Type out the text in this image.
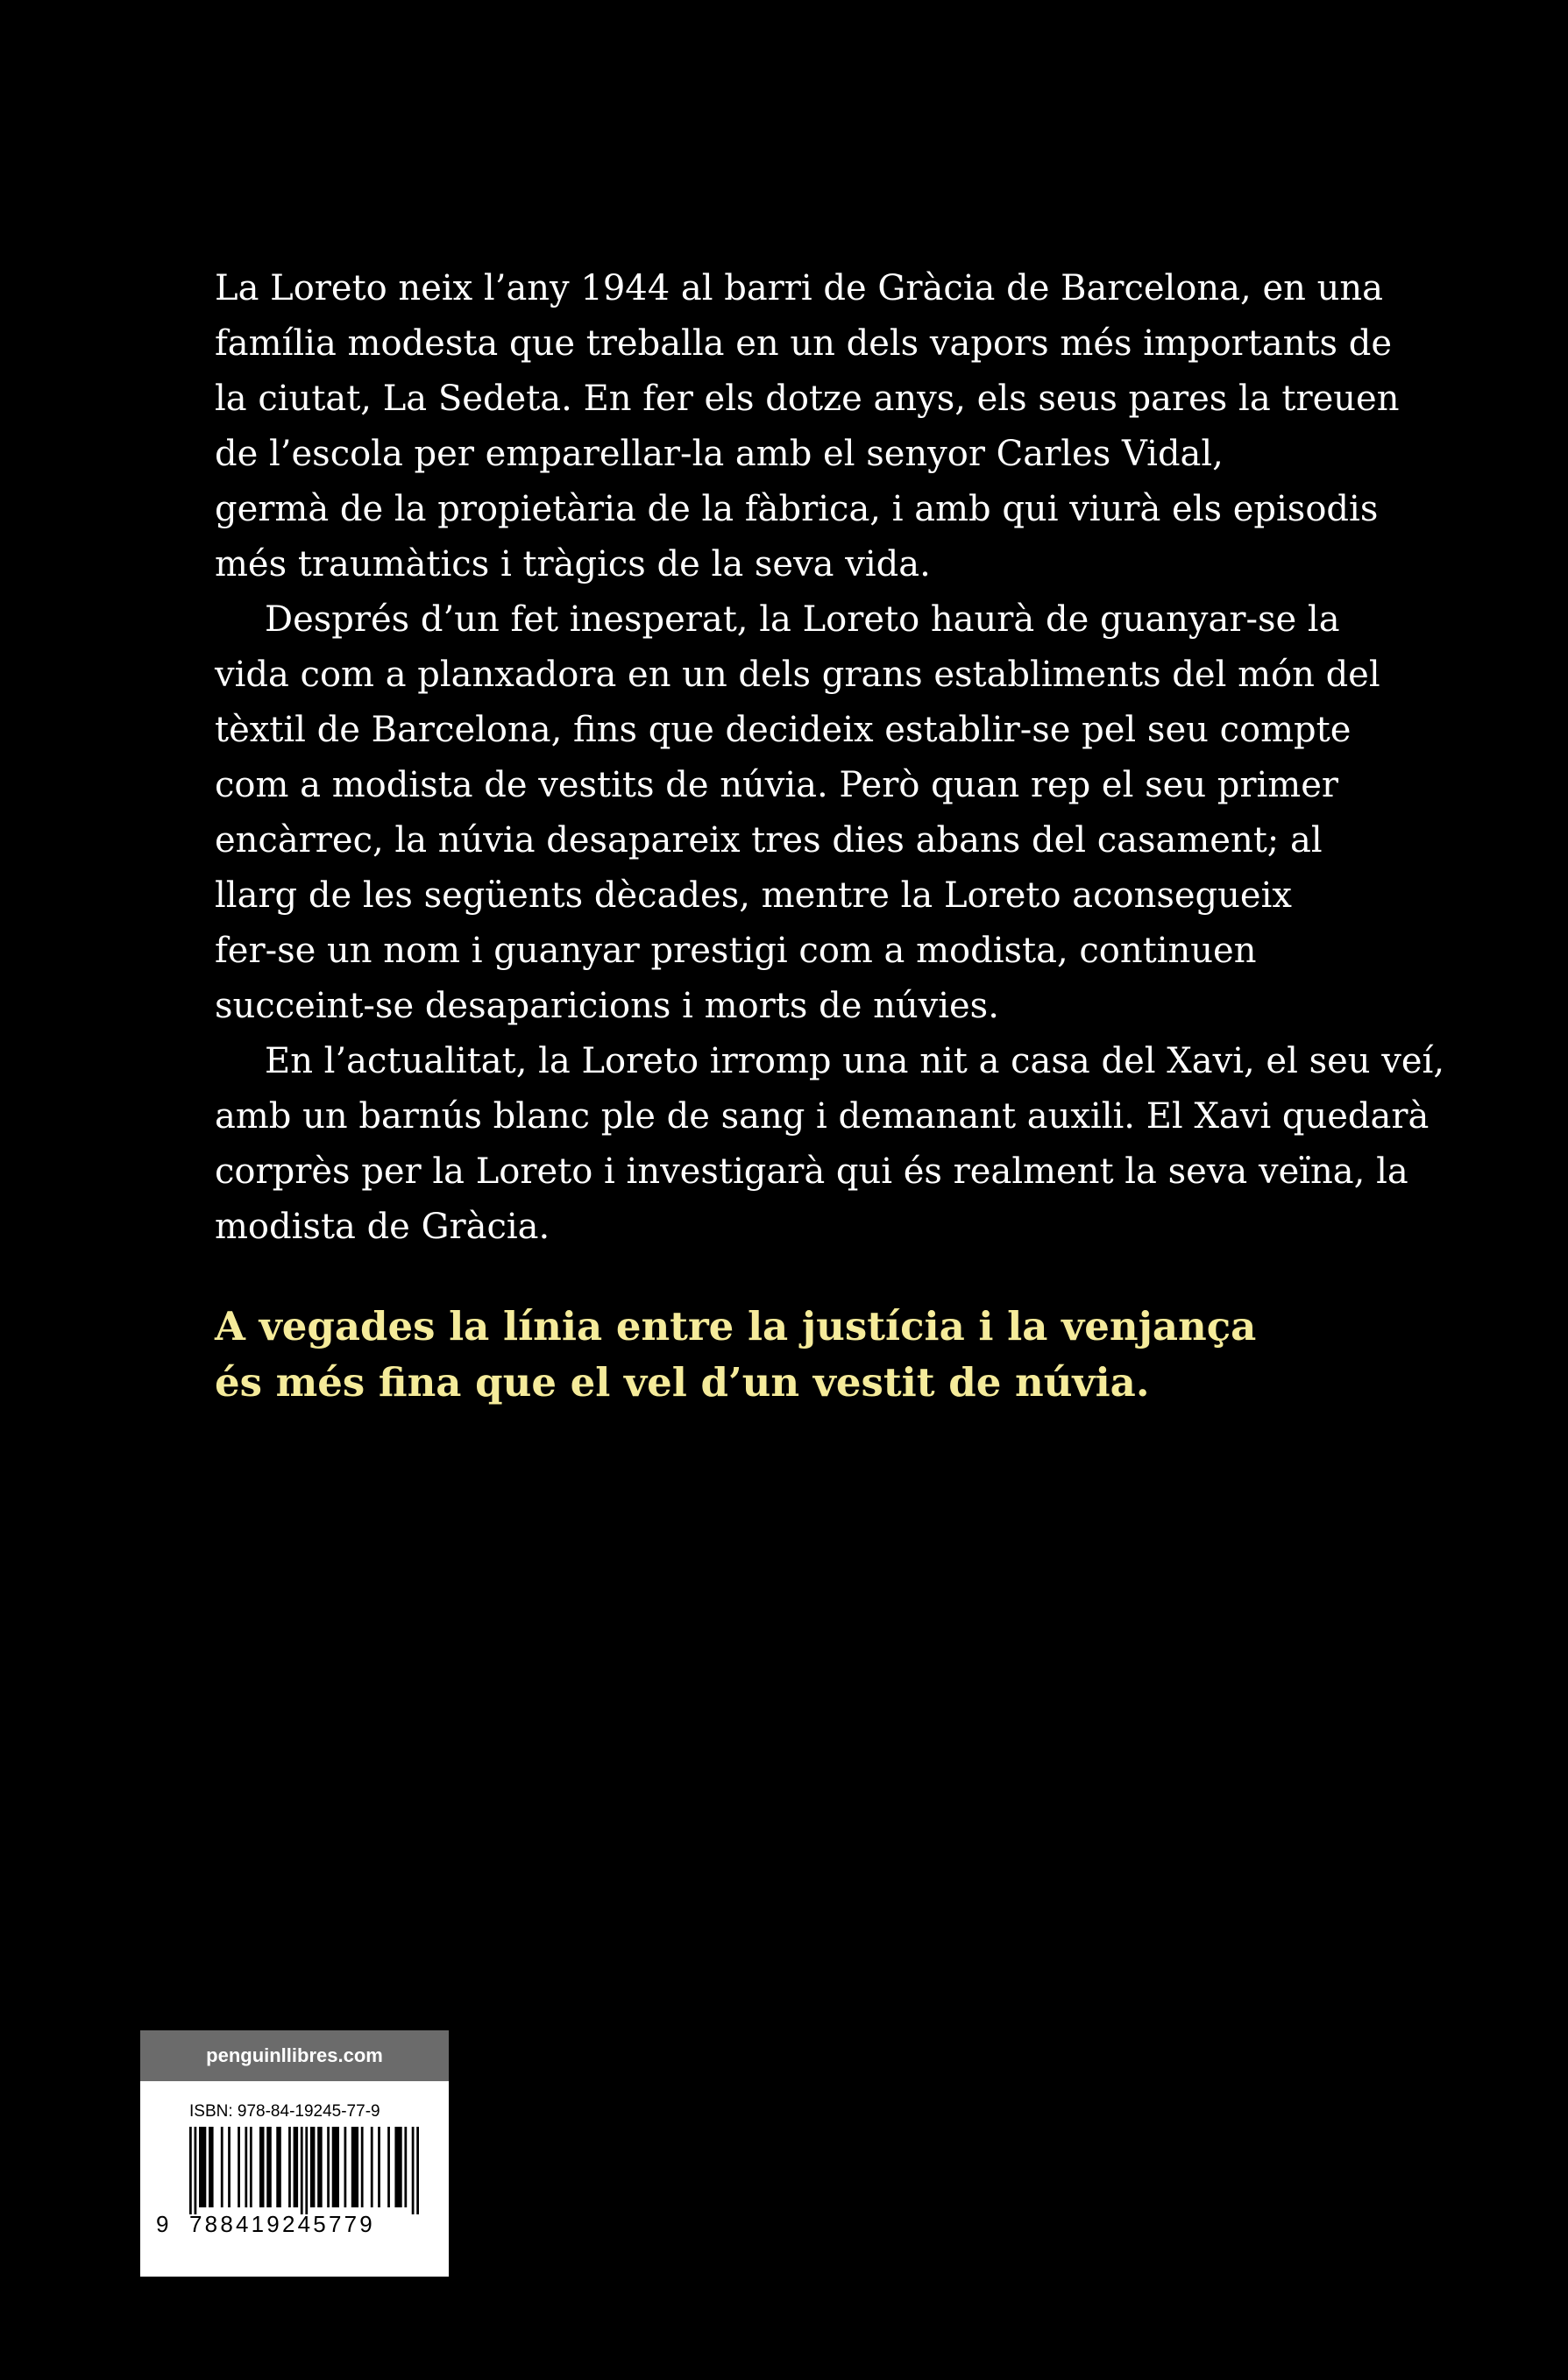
La Loreto neix l’any 1944 al barri de Gràcia de Barcelona, en una
família modesta que treballa en un dels vapors més importants de
la ciutat, La Sedeta. En fer els dotze anys, els seus pares la treuen
de l’escola per emparellar-la amb el senyor Carles Vidal,
germà de la propietària de la fàbrica, i amb qui viurà els episodis
més traumàtics i tràgics de la seva vida.

Després d’un fet inesperat, la Loreto haurà de guanyar-se la
vida com a planxadora en un dels grans establiments del món del
tèxtil de Barcelona, fins que decideix establir-se pel seu compte
com a modista de vestits de núvia. Però quan rep el seu primer
encàrrec, la núvia desapareix tres dies abans del casament; al
llarg de les següents dècades, mentre la Loreto aconsegueix
fer-se un nom i guanyar prestigi com a modista, continuen
succeint-se desaparicions i morts de núvies.

En l’actualitat, la Loreto irromp una nit a casa del Xavi, el seu veí,
amb un barnús blanc ple de sang i demanant auxili. El Xavi quedarà
corprès per la Loreto i investigarà qui és realment la seva veïna, la
modista de Gràcia.

A vegades la línia entre la justícia i la venjança
és més fina que el vel d’un vestit de núvia.
penguinllibres.com
ISBN: 978-84-19245-77-9
9 788419245779
